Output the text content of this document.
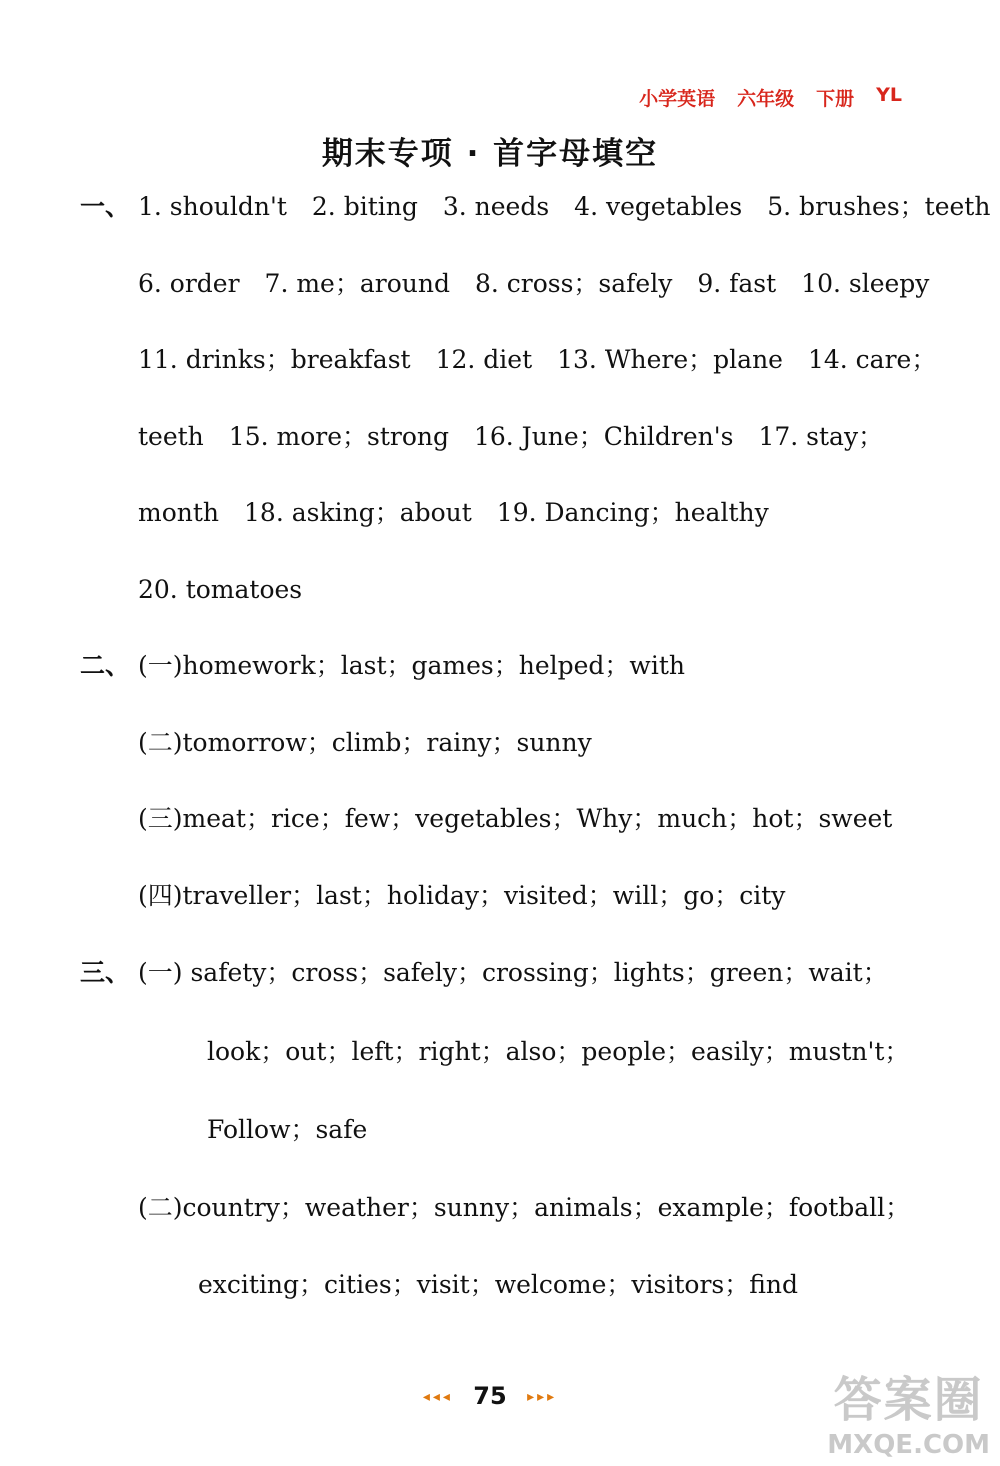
小学英语 六年级 下册 YL
期末专项 · 首字母填空
一、 1. shouldn't　2. biting　3. needs　4. vegetables　5. brushes；teeth
6. order　7. me；around　8. cross；safely　9. fast　10. sleepy
11. drinks；breakfast　12. diet　13. Where；plane　14. care；
teeth　15. more；strong　16. June；Children's　17. stay；
month　18. asking；about　19. Dancing；healthy
20. tomatoes
二、 (一)homework；last；games；helped；with
(二)tomorrow；climb；rainy；sunny
(三)meat；rice；few；vegetables；Why；much；hot；sweet
(四)traveller；last；holiday；visited；will；go；city
三、 (一) safety；cross；safely；crossing；lights；green；wait；
look；out；left；right；also；people；easily；mustn't；
Follow；safe
(二)country；weather；sunny；animals；example；football；
exciting；cities；visit；welcome；visitors；find
◂◂◂ 75 ▸▸▸	答案圈
MXQE.COM
